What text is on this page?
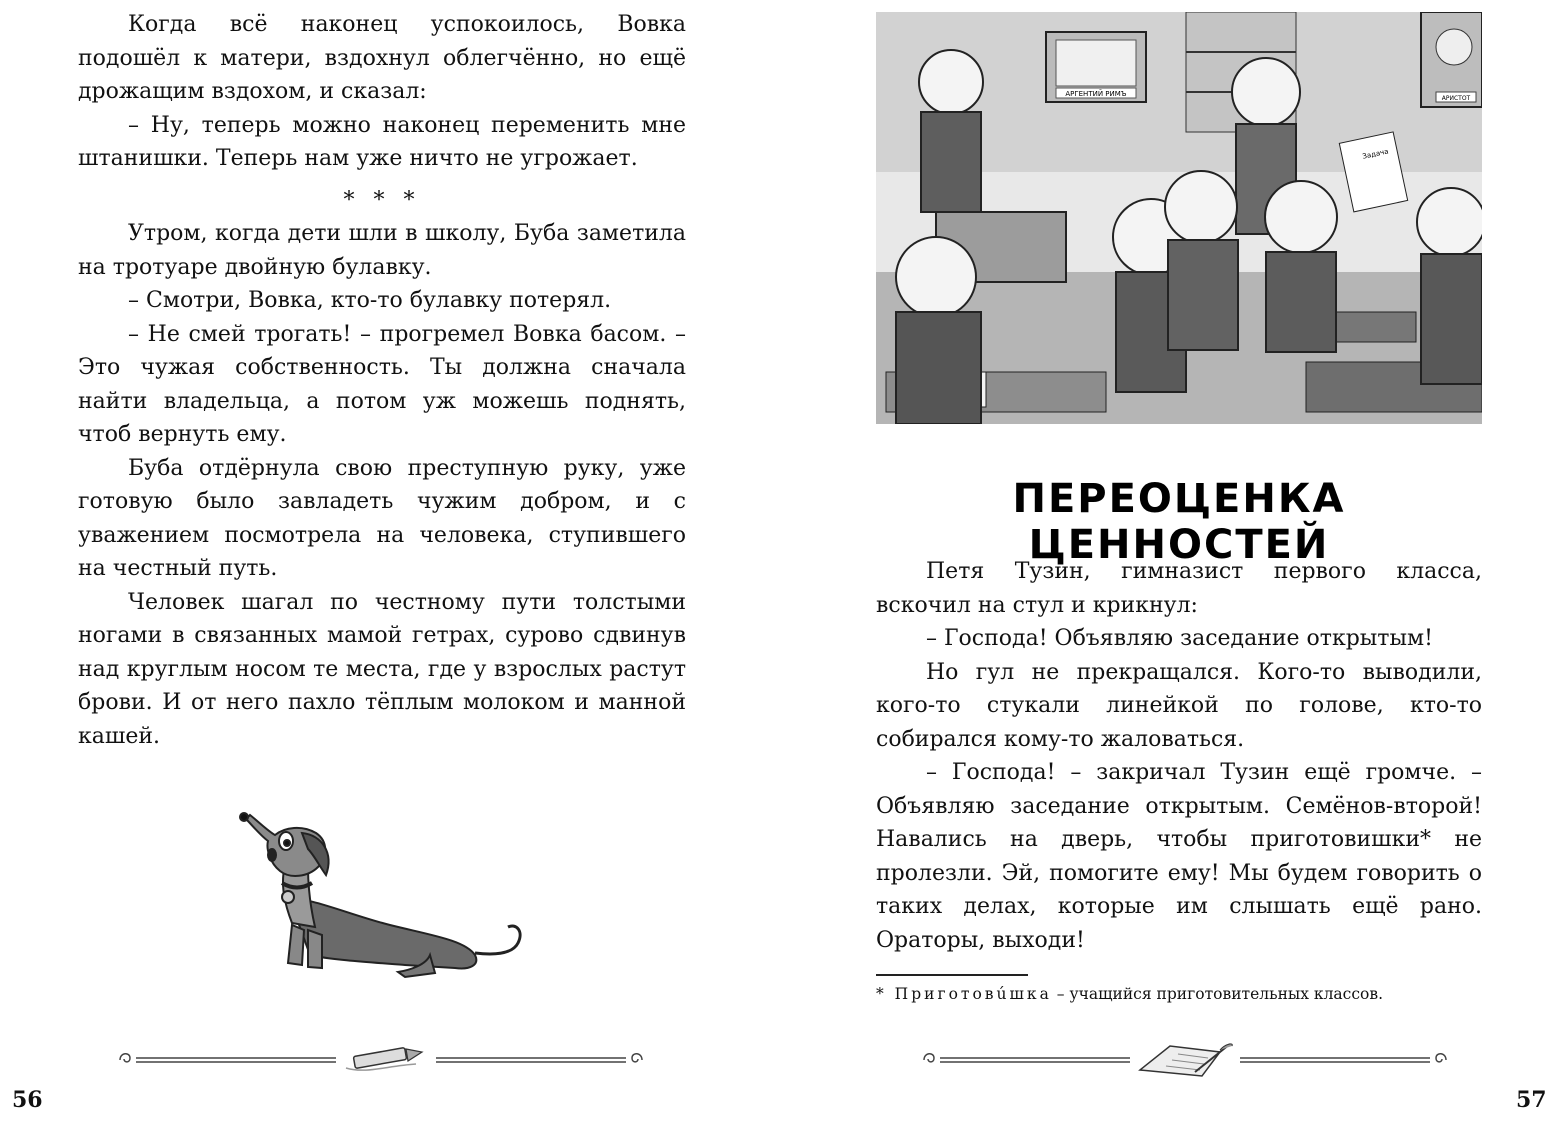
Когда всё наконец успокоилось, Вовка подошёл к матери, вздохнул облегчённо, но ещё дрожащим вздохом, и сказал:

– Ну, теперь можно наконец переменить мне штанишки. Теперь нам уже ничто не угрожает.

* * *

Утром, когда дети шли в школу, Буба заметила на тротуаре двойную булавку.

– Смотри, Вовка, кто-то булавку потерял.

– Не смей трогать! – прогремел Вовка басом. – Это чужая собственность. Ты должна сначала найти владельца, а потом уж можешь поднять, чтоб вернуть ему.

Буба отдёрнула свою преступную руку, уже готовую было завладеть чужим добром, и с уважением посмотрела на человека, ступившего на честный путь.

Человек шагал по честному пути толстыми ногами в связанных мамой гетрах, сурово сдвинув над круглым носом те места, где у взрослых растут брови. И от него пахло тёплым молоком и манной кашей.

56
АРГЕНТИЙ РИМЪ
АРИСТОТ
Задача
ПЕРЕОЦЕНКА ЦЕННОСТЕЙ

Петя Тузин, гимназист первого класса, вскочил на стул и крикнул:

– Господа! Объявляю заседание открытым!

Но гул не прекращался. Кого-то выводили, кого-то стукали линейкой по голове, кто-то собирался кому-то жаловаться.

– Господа! – закричал Тузин ещё громче. – Объявляю заседание открытым. Семёнов-второй! Навались на дверь, чтобы приготовишки* не пролезли. Эй, помогите ему! Мы будем говорить о таких делах, которые им слышать ещё рано. Ораторы, выходи!

* Приготовúшка – учащийся приготовительных классов.
57
